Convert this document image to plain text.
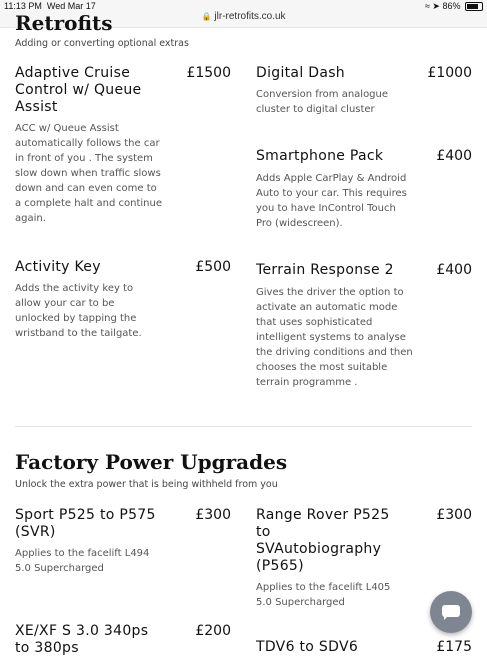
11:13 PM Wed Mar 17
🔒 jlr-retrofits.co.uk
≈ ➤ 86%
Retrofits
Adding or converting optional extras
Adaptive Cruise Control w/ Queue Assist
£1500
ACC w/ Queue Assist automatically follows the car in front of you . The system slow down when traffic slows down and can even come to a complete halt and continue again.
Digital Dash	£1000
Conversion from analogue cluster to digital cluster
Smartphone Pack	£400
Adds Apple CarPlay & Android Auto to your car. This requires you to have InControl Touch Pro (widescreen).
Activity Key	£500
Adds the activity key to allow your car to be unlocked by tapping the wristband to the tailgate.
Terrain Response 2	£400
Gives the driver the option to activate an automatic mode that uses sophisticated intelligent systems to analyse the driving conditions and then chooses the most suitable terrain programme .
Factory Power Upgrades
Unlock the extra power that is being withheld from you
Sport P525 to P575 (SVR)
£300
Applies to the facelift L494 5.0 Supercharged
Range Rover P525 to SVAutobiography (P565)
£300
Applies to the facelift L405 5.0 Supercharged
XE/XF S 3.0 340ps to 380ps
£200
TDV6 to SDV6	£175
